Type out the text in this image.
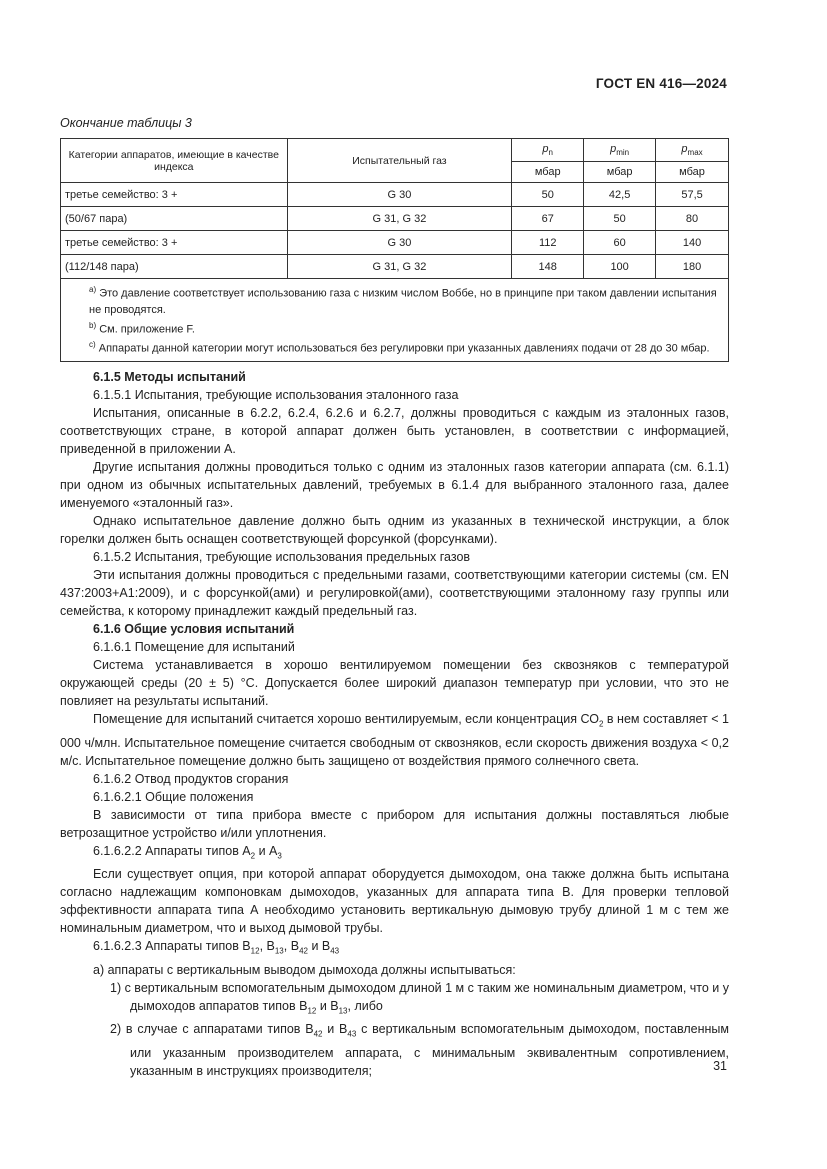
ГОСТ EN 416—2024
Окончание таблицы 3
Категории аппаратов, имеющие в качестве индекса	Испытательный газ	$p_n$	$p_{min}$	$p_{max}$
		мбар	мбар	мбар
третье семейство: 3 +	G 30	50	42,5	57,5
(50/67 пара)	G 31, G 32	67	50	80
третье семейство: 3 +	G 30	112	60	140
(112/148 пара)	G 31, G 32	148	100	180

$^{a)}$ Это давление соответствует использованию газа с низким числом Воббе, но в принципе при таком давлении испытания не проводятся.

$^{b)}$ См. приложение F.

$^{c)}$ Аппараты данной категории могут использоваться без регулировки при указанных давлениях подачи от 28 до 30 мбар.				

6.1.5 Методы испытаний

6.1.5.1 Испытания, требующие использования эталонного газа

Испытания, описанные в 6.2.2, 6.2.4, 6.2.6 и 6.2.7, должны проводиться с каждым из эталонных газов, соответствующих стране, в которой аппарат должен быть установлен, в соответствии с информацией, приведенной в приложении А.

Другие испытания должны проводиться только с одним из эталонных газов категории аппарата (см. 6.1.1) при одном из обычных испытательных давлений, требуемых в 6.1.4 для выбранного эталонного газа, далее именуемого «эталонный газ».

Однако испытательное давление должно быть одним из указанных в технической инструкции, а блок горелки должен быть оснащен соответствующей форсункой (форсунками).

6.1.5.2 Испытания, требующие использования предельных газов

Эти испытания должны проводиться с предельными газами, соответствующими категории системы (см. EN 437:2003+A1:2009), и с форсункой(ами) и регулировкой(ами), соответствующими эталонному газу группы или семейства, к которому принадлежит каждый предельный газ.

6.1.6 Общие условия испытаний

6.1.6.1 Помещение для испытаний

Система устанавливается в хорошо вентилируемом помещении без сквозняков с температурой окружающей среды (20 ± 5) °С. Допускается более широкий диапазон температур при условии, что это не повлияет на результаты испытаний.

Помещение для испытаний считается хорошо вентилируемым, если концентрация $СО_2$ в нем составляет < 1 000 ч/млн. Испытательное помещение считается свободным от сквозняков, если скорость движения воздуха < 0,2 м/с. Испытательное помещение должно быть защищено от воздействия прямого солнечного света.

6.1.6.2 Отвод продуктов сгорания

6.1.6.2.1 Общие положения

В зависимости от типа прибора вместе с прибором для испытания должны поставляться любые ветрозащитное устройство и/или уплотнения.

6.1.6.2.2 Аппараты типов $А_2$ и $А_3$

Если существует опция, при которой аппарат оборудуется дымоходом, она также должна быть испытана согласно надлежащим компоновкам дымоходов, указанных для аппарата типа В. Для проверки тепловой эффективности аппарата типа А необходимо установить вертикальную дымовую трубу длиной 1 м с тем же номинальным диаметром, что и выход дымовой трубы.

6.1.6.2.3 Аппараты типов $В_{12}$, $В_{13}$, $В_{42}$ и $В_{43}$

а) аппараты с вертикальным выводом дымохода должны испытываться:

1) с вертикальным вспомогательным дымоходом длиной 1 м с таким же номинальным диаметром, что и у дымоходов аппаратов типов $В_{12}$ и $В_{13}$, либо

2) в случае с аппаратами типов $В_{42}$ и $В_{43}$ с вертикальным вспомогательным дымоходом, поставленным или указанным производителем аппарата, с минимальным эквивалентным сопротивлением, указанным в инструкциях производителя;	31
